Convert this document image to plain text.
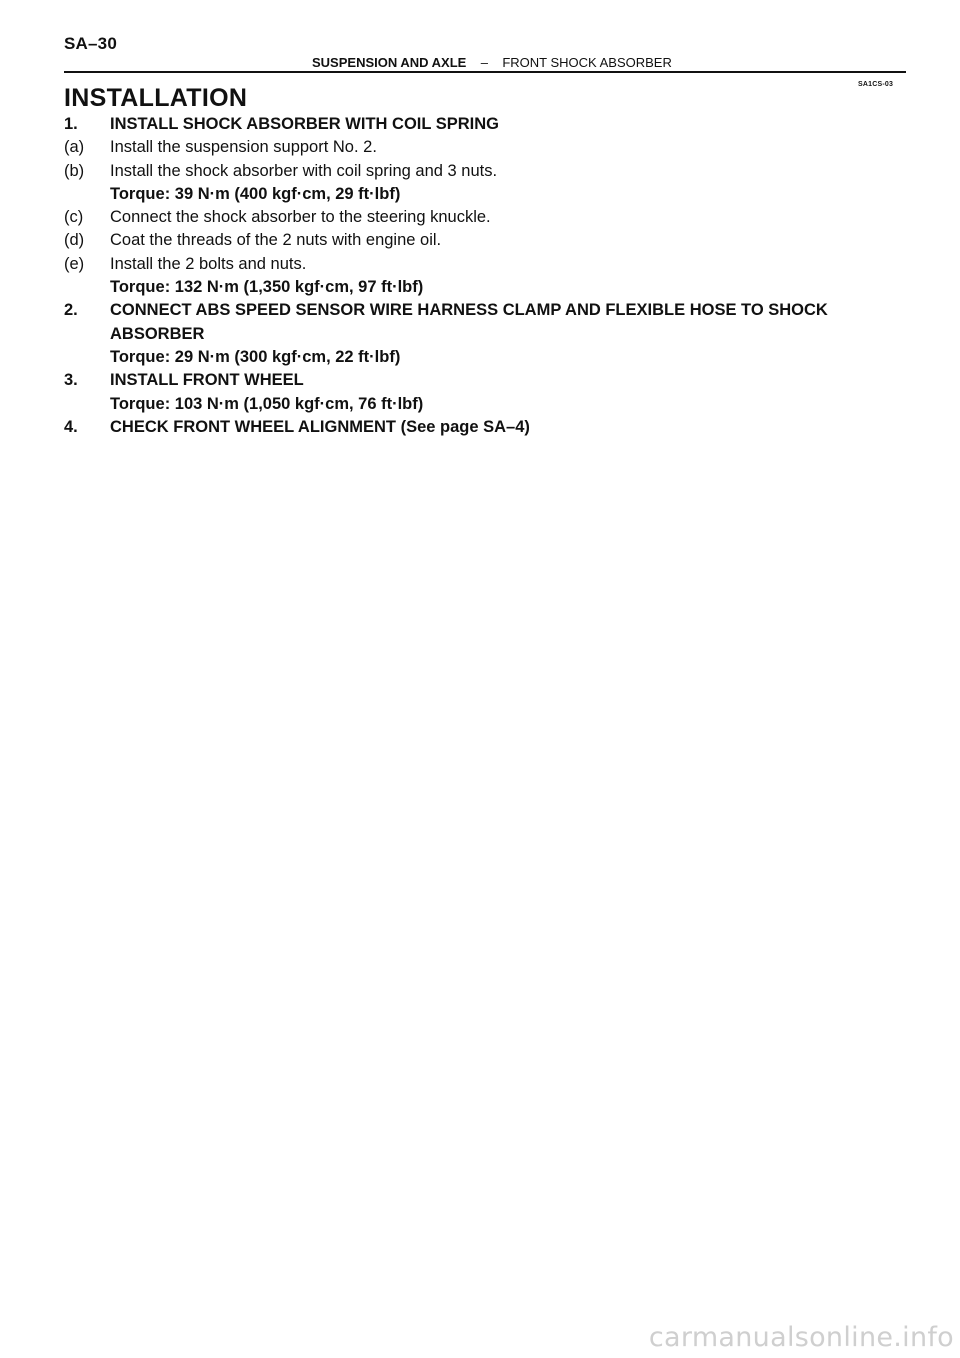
SA–30
SUSPENSION AND AXLE – FRONT SHOCK ABSORBER
SA1CS-03
INSTALLATION
1.	INSTALL SHOCK ABSORBER WITH COIL SPRING
(a)	Install the suspension support No. 2.
(b)	Install the shock absorber with coil spring and 3 nuts.
Torque: 39 N·m (400 kgf·cm, 29 ft·lbf)
(c)	Connect the shock absorber to the steering knuckle.
(d)	Coat the threads of the 2 nuts with engine oil.
(e)	Install the 2 bolts and nuts.
Torque: 132 N·m (1,350 kgf·cm, 97 ft·lbf)
2.	CONNECT ABS SPEED SENSOR WIRE HARNESS CLAMP AND FLEXIBLE HOSE TO SHOCK ABSORBER
Torque: 29 N·m (300 kgf·cm, 22 ft·lbf)
3.	INSTALL FRONT WHEEL
Torque: 103 N·m (1,050 kgf·cm, 76 ft·lbf)
4.	CHECK FRONT WHEEL ALIGNMENT (See page SA–4)
carmanualsonline.info
